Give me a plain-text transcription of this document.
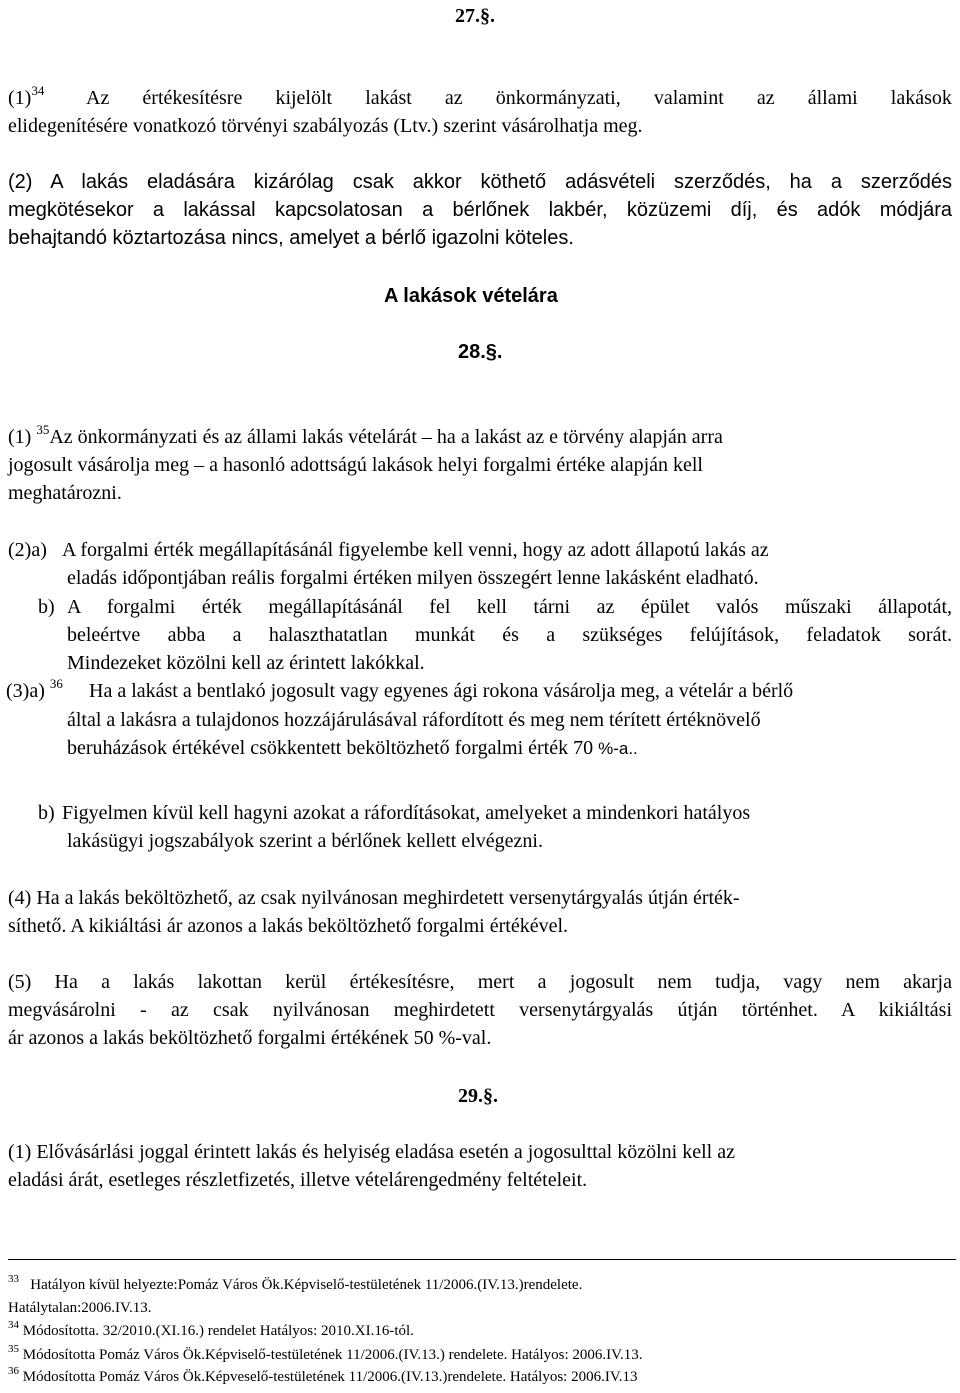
27.§.
$(1)^{34}$ Az értékesítésre kijelölt lakást az önkormányzati, valamint az állami lakások
elidegenítésére vonatkozó törvényi szabályozás (Ltv.) szerint vásárolhatja meg.
(2) A lakás eladására kizárólag csak akkor köthető adásvételi szerződés, ha a szerződés
megkötésekor a lakással kapcsolatosan a bérlőnek lakbér, közüzemi díj, és adók módjára
behajtandó köztartozása nincs, amelyet a bérlő igazolni köteles.
A lakások vételára
28.§.
(1) $^{35}$Az önkormányzati és az állami lakás vételárát – ha a lakást az e törvény alapján arra
jogosult vásárolja meg – a hasonló adottságú lakások helyi forgalmi értéke alapján kell
meghatározni.
(2)a) A forgalmi érték megállapításánál figyelembe kell venni, hogy az adott állapotú lakás az
eladás időpontjában reális forgalmi értéken milyen összegért lenne lakásként eladható.
b) A forgalmi érték megállapításánál fel kell tárni az épület valós műszaki állapotát,
beleértve abba a halaszthatatlan munkát és a szükséges felújítások, feladatok sorát.
Mindezeket közölni kell az érintett lakókkal.
(3)a) $^{36}$ Ha a lakást a bentlakó jogosult vagy egyenes ági rokona vásárolja meg, a vételár a bérlő
által a lakásra a tulajdonos hozzájárulásával ráfordított és meg nem térített értéknövelő
beruházások értékével csökkentett beköltözhető forgalmi érték 70 %-a..
b) Figyelmen kívül kell hagyni azokat a ráfordításokat, amelyeket a mindenkori hatályos
lakásügyi jogszabályok szerint a bérlőnek kellett elvégezni.
(4) Ha a lakás beköltözhető, az csak nyilvánosan meghirdetett versenytárgyalás útján érték-
síthető. A kikiáltási ár azonos a lakás beköltözhető forgalmi értékével.
(5) Ha a lakás lakottan kerül értékesítésre, mert a jogosult nem tudja, vagy nem akarja
megvásárolni - az csak nyilvánosan meghirdetett versenytárgyalás útján történhet. A kikiáltási
ár azonos a lakás beköltözhető forgalmi értékének 50 %-val.
29.§.
(1) Elővásárlási joggal érintett lakás és helyiség eladása esetén a jogosulttal közölni kell az
eladási árát, esetleges részletfizetés, illetve vételárengedmény feltételeit.
$^{33}$ Hatályon kívül helyezte:Pomáz Város Ök.Képviselő-testületének 11/2006.(IV.13.)rendelete.
Hatálytalan:2006.IV.13.
$^{34}$ Módosította. 32/2010.(XI.16.) rendelet Hatályos: 2010.XI.16-tól.
$^{35}$ Módosította Pomáz Város Ök.Képviselő-testületének 11/2006.(IV.13.) rendelete. Hatályos: 2006.IV.13.
$^{36}$ Módosította Pomáz Város Ök.Képveselő-testületének 11/2006.(IV.13.)rendelete. Hatályos: 2006.IV.13
